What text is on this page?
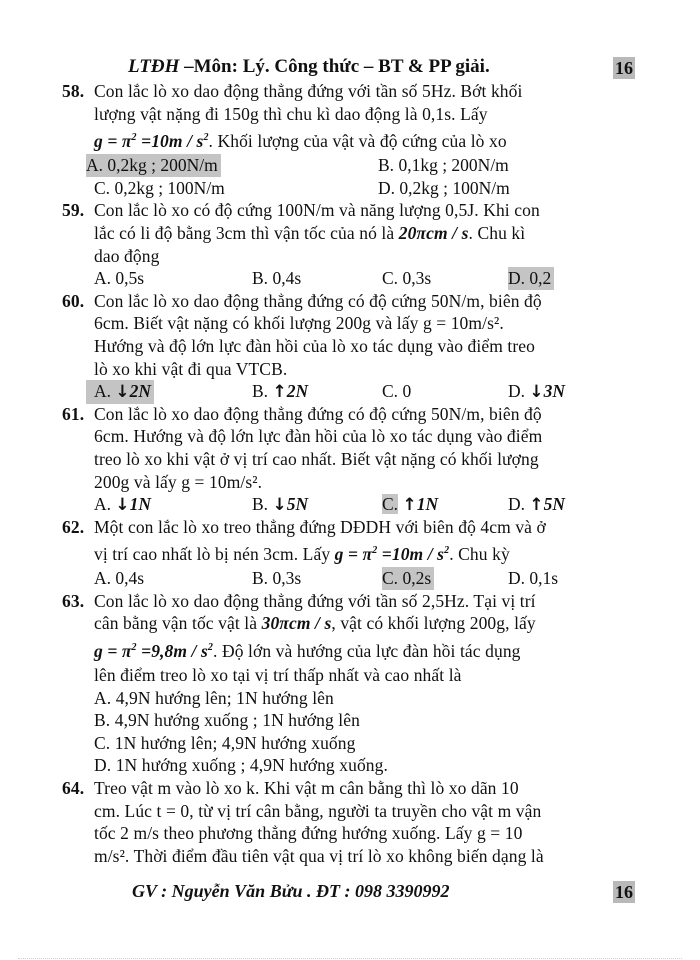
LTĐH –Môn: Lý. Công thức – BT & PP giải.	16
58. Con lắc lò xo dao động thẳng đứng với tần số 5Hz. Bớt khối
lượng vật nặng đi 150g thì chu kì dao động là 0,1s. Lấy
$g = \pi^2 =10m / s^2$. Khối lượng của vật và độ cứng của lò xo
A. 0,2kg ; 200N/m	B. 0,1kg ; 200N/m
C. 0,2kg ; 100N/m	D. 0,2kg ; 100N/m
59. Con lắc lò xo có độ cứng 100N/m và năng lượng 0,5J. Khi con
lắc có li độ bằng 3cm thì vận tốc của nó là 20πcm / s. Chu kì
dao động
A. 0,5s	B. 0,4s	C. 0,3s	D. 0,2
60. Con lắc lò xo dao động thẳng đứng có độ cứng 50N/m, biên độ
6cm. Biết vật nặng có khối lượng 200g và lấy g = 10m/s².
Hướng và độ lớn lực đàn hồi của lò xo tác dụng vào điểm treo
lò xo khi vật đi qua VTCB.
A. ↓2N	B. ↑2N	C. 0	D. ↓3N
61. Con lắc lò xo dao động thẳng đứng có độ cứng 50N/m, biên độ
6cm. Hướng và độ lớn lực đàn hồi của lò xo tác dụng vào điểm
treo lò xo khi vật ở vị trí cao nhất. Biết vật nặng có khối lượng
200g và lấy g = 10m/s².
A. ↓1N	B. ↓5N	C. ↑1N	D. ↑5N
62. Một con lắc lò xo treo thẳng đứng DĐDH với biên độ 4cm và ở
vị trí cao nhất lò bị nén 3cm. Lấy $g = \pi^2 =10m / s^2$. Chu kỳ
A. 0,4s	B. 0,3s	C. 0,2s	D. 0,1s
63. Con lắc lò xo dao động thẳng đứng với tần số 2,5Hz. Tại vị trí
cân bằng vận tốc vật là 30πcm / s, vật có khối lượng 200g, lấy
$g = \pi^2 =9,8m / s^2$. Độ lớn và hướng của lực đàn hồi tác dụng
lên điểm treo lò xo tại vị trí thấp nhất và cao nhất là
A. 4,9N hướng lên; 1N hướng lên
B. 4,9N hướng xuống ; 1N hướng lên
C. 1N hướng lên; 4,9N hướng xuống
D. 1N hướng xuống ; 4,9N hướng xuống.
64. Treo vật m vào lò xo k. Khi vật m cân bằng thì lò xo dãn 10
cm. Lúc t = 0, từ vị trí cân bằng, người ta truyền cho vật m vận
tốc 2 m/s theo phương thẳng đứng hướng xuống. Lấy g = 10
m/s². Thời điểm đầu tiên vật qua vị trí lò xo không biến dạng là
GV : Nguyễn Văn Bửu . ĐT : 098 3390992	16
